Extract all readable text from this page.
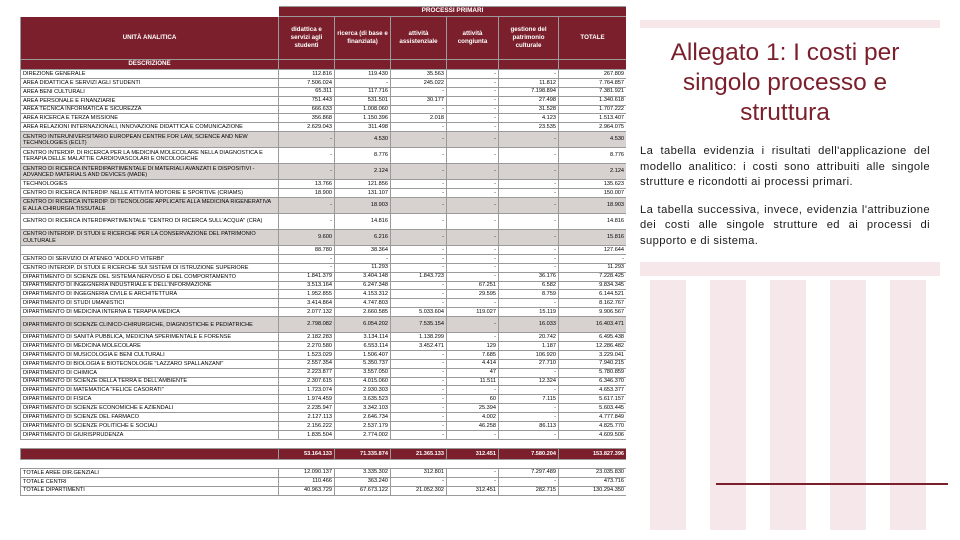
	PROCESSI PRIMARI					
UNITÀ ANALITICA	didattica e servizi agli studenti	ricerca (di base e finanziata)	attività assistenziale	attività congiunta	gestione del patrimonio culturale	TOTALE
DESCRIZIONE						
DIREZIONE GENERALE	112.816	119.430	35.563	-	-	267.809
AREA DIDATTICA E SERVIZI AGLI STUDENTI	7.506.024	-	245.022	-	11.812	7.764.857
AREA BENI CULTURALI	65.311	117.716	-	-	7.198.894	7.381.921
AREA PERSONALE E FINANZIARIE	751.443	531.501	30.177	-	27.498	1.340.618
AREA TECNICA INFORMATICA E SICUREZZA	666.633	1.008.060	-	-	31.528	1.707.222
AREA RICERCA E TERZA MISSIONE	356.868	1.150.396	2.018	-	4.123	1.513.407
AREA RELAZIONI INTERNAZIONALI, INNOVAZIONE DIDATTICA E COMUNICAZIONE	2.629.043	311.498	-	-	23.535	2.964.075
CENTRO INTERUNIVERSITARIO EUROPEAN CENTRE FOR LAW, SCIENCE AND NEW TECHNOLOGIES (ECLT)	-	4.530	-	-	-	4.530
CENTRO INTERDIP. DI RICERCA PER LA MEDICINA MOLECOLARE NELLA DIAGNOSTICA E TERAPIA DELLE MALATTIE CARDIOVASCOLARI E ONCOLOGICHE	-	8.776	-	-	-	8.776
CENTRO DI RICERCA INTERDIPARTIMENTALE DI MATERIALI AVANZATI E DISPOSITIVI - ADVANCED MATERIALS AND DEVICES (MADE)	-	2.124	-	-	-	2.124
TECHNOLOGIES	13.766	121.856	-	-	-	135.623
CENTRO DI RICERCA INTERDIP. NELLE ATTIVITÀ MOTORIE E SPORTIVE (CRIAMS)	18.900	131.107	-	-	-	150.007
CENTRO DI RICERCA INTERDIP. DI TECNOLOGIE APPLICATE ALLA MEDICINA RIGENERATIVA E ALLA CHIRURGIA TISSUTALE	-	18.903	-	-	-	18.903
CENTRO DI RICERCA INTERDIPARTIMENTALE "CENTRO DI RICERCA SULL'ACQUA" (CRA)	-	14.816	-	-	-	14.816
CENTRO INTERDIP. DI STUDI E RICERCHE PER LA CONSERVAZIONE DEL PATRIMONIO CULTURALE	9.600	6.216	-	-	-	15.816
	88.780	38.364	-	-	-	127.644
CENTRO DI SERVIZIO DI ATENEO "ADOLFO VITERBI"	-	-	-	-	-	-
CENTRO INTERDIP. DI STUDI E RICERCHE SUI SISTEMI DI ISTRUZIONE SUPERIORE	-	11.293	-	-	-	11.293
DIPARTIMENTO DI SCIENZE DEL SISTEMA NERVOSO E DEL COMPORTAMENTO	1.841.379	3.404.148	1.843.723	-	36.176	7.228.425
DIPARTIMENTO DI INGEGNERIA INDUSTRIALE E DELL'INFORMAZIONE	3.513.164	6.247.348	-	67.251	6.582	9.834.345
DIPARTIMENTO DI INGEGNERIA CIVILE E ARCHITETTURA	1.952.855	4.153.312	-	29.595	8.759	6.144.521
DIPARTIMENTO DI STUDI UMANISTICI	3.414.864	4.747.803	-	-	-	8.162.767
DIPARTIMENTO DI MEDICINA INTERNA E TERAPIA MEDICA	2.077.132	2.660.585	5.033.604	119.027	15.119	9.906.567
DIPARTIMENTO DI SCIENZE CLINICO-CHIRURGICHE, DIAGNOSTICHE E PEDIATRICHE	2.798.082	6.054.202	7.535.154	-	16.033	16.403.471
DIPARTIMENTO DI SANITÀ PUBBLICA, MEDICINA SPERIMENTALE E FORENSE	2.182.283	3.134.114	1.138.299	-	20.742	6.495.438
DIPARTIMENTO DI MEDICINA MOLECOLARE	2.270.580	6.553.114	3.452.471	129	1.187	12.286.482
DIPARTIMENTO DI MUSICOLOGIA E BENI CULTURALI	1.523.029	1.506.407	-	7.685	106.920	3.229.041
DIPARTIMENTO DI BIOLOGIA E BIOTECNOLOGIE "LAZZARO SPALLANZANI"	2.557.354	5.350.737	-	4.414	27.710	7.940.215
DIPARTIMENTO DI CHIMICA	2.223.877	3.557.050	-	47	-	5.780.859
DIPARTIMENTO DI SCIENZE DELLA TERRA E DELL'AMBIENTE	2.307.615	4.015.060	-	11.511	12.324	6.346.370
DIPARTIMENTO DI MATEMATICA "FELICE CASORATI"	1.723.074	2.930.303	-	-	-	4.653.377
DIPARTIMENTO DI FISICA	1.974.459	3.635.523	-	60	7.115	5.617.157
DIPARTIMENTO DI SCIENZE ECONOMICHE E AZIENDALI	2.235.947	3.342.103	-	25.394	-	5.603.445
DIPARTIMENTO DI SCIENZE DEL FARMACO	2.127.113	2.646.734	-	4.002	-	4.777.849
DIPARTIMENTO DI SCIENZE POLITICHE E SOCIALI	2.156.222	2.537.179	-	46.258	86.113	4.825.770
DIPARTIMENTO DI GIURISPRUDENZA	1.835.504	2.774.002	-	-	-	4.609.506

	53.164.133	71.335.874	21.365.133	312.451	7.580.204	153.827.396

TOTALE AREE DIR.GENZIALI	12.090.137	3.335.302	312.801	-	7.297.489	23.035.830
TOTALE CENTRI	110.466	363.240	-	-	-	473.716
TOTALE DIPARTIMENTI	40.963.729	67.673.122	21.052.302	312.451	282.715	130.294.350
Allegato 1: I costi per singolo processo e struttura

La tabella evidenzia i risultati dell'applicazione del modello analitico: i costi sono attribuiti alle singole strutture e ricondotti ai processi primari.

La tabella successiva, invece, evidenzia l'attribuzione dei costi alle singole strutture ed ai processi di supporto e di sistema.
